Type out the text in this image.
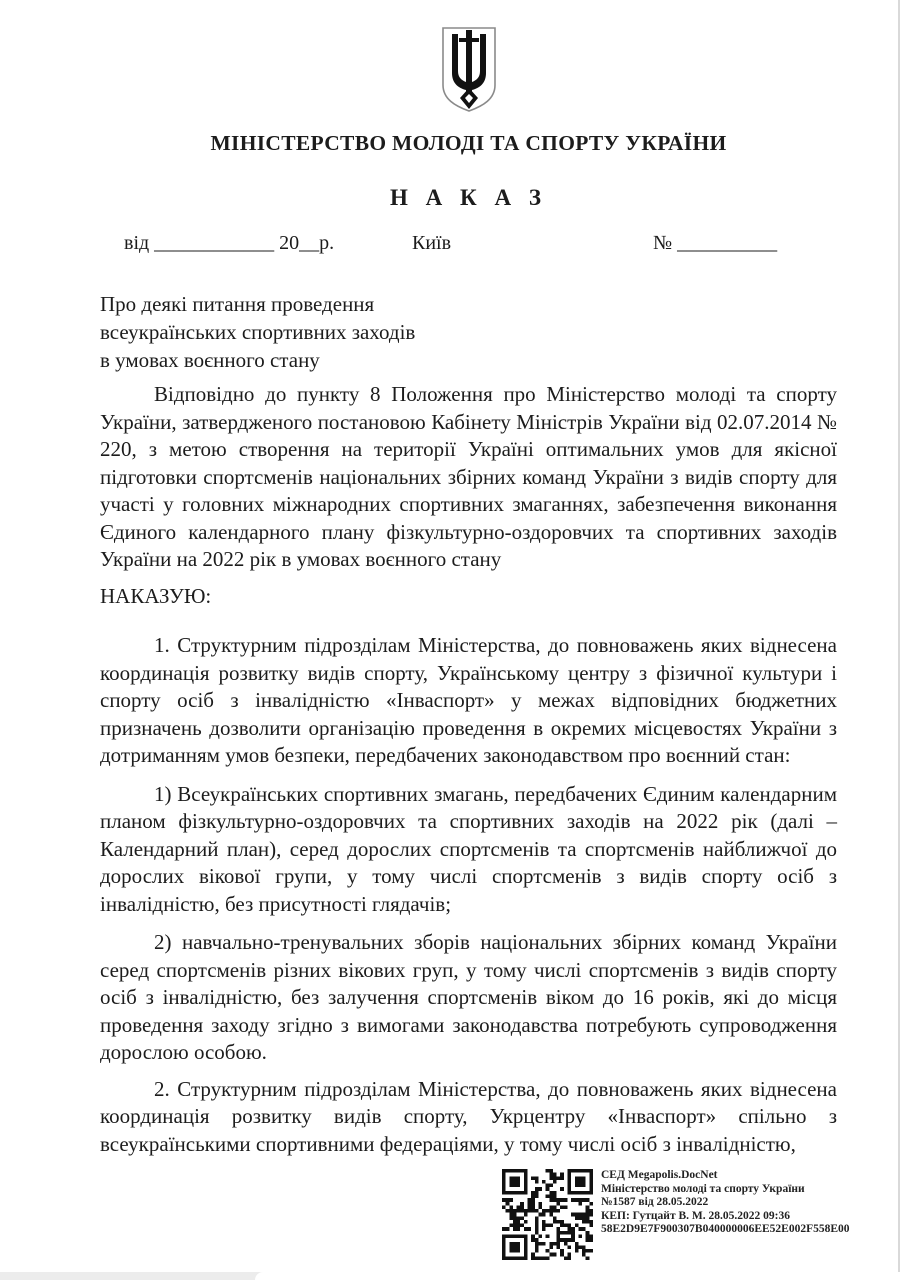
МІНІСТЕРСТВО МОЛОДІ ТА СПОРТУ УКРАЇНИ
Н А К А З
від ____________ 20__р.	Київ	№ __________
Про деякі питання проведення
всеукраїнських спортивних заходів
в умовах воєнного стану

Відповідно до пункту 8 Положення про Міністерство молоді та спорту України, затвердженого постановою Кабінету Міністрів України від 02.07.2014 № 220, з метою створення на території Україні оптимальних умов для якісної підготовки спортсменів національних збірних команд України з видів спорту для участі у головних міжнародних спортивних змаганнях, забезпечення виконання Єдиного календарного плану фізкультурно-оздоровчих та спортивних заходів України на 2022 рік в умовах воєнного стану

НАКАЗУЮ:

1. Структурним підрозділам Міністерства, до повноважень яких віднесена координація розвитку видів спорту, Українському центру з фізичної культури і спорту осіб з інвалідністю «Інваспорт» у межах відповідних бюджетних призначень дозволити організацію проведення в окремих місцевостях України з дотриманням умов безпеки, передбачених законодавством про воєнний стан:

1) Всеукраїнських спортивних змагань, передбачених Єдиним календарним планом фізкультурно-оздоровчих та спортивних заходів на 2022 рік (далі – Календарний план), серед дорослих спортсменів та спортсменів найближчої до дорослих вікової групи, у тому числі спортсменів з видів спорту осіб з інвалідністю, без присутності глядачів;

2) навчально-тренувальних зборів національних збірних команд України серед спортсменів різних вікових груп, у тому числі спортсменів з видів спорту осіб з інвалідністю, без залучення спортсменів віком до 16 років, які до місця проведення заходу згідно з вимогами законодавства потребують супроводження дорослою особою.

2. Структурним підрозділам Міністерства, до повноважень яких віднесена координація розвитку видів спорту, Укрцентру «Інваспорт» спільно з всеукраїнськими спортивними федераціями, у тому числі осіб з інвалідністю,

СЕД Megapolis.DocNet
Міністерство молоді та спорту України
№1587 від 28.05.2022
КЕП: Гутцайт В. М. 28.05.2022 09:36
58E2D9E7F900307B040000006EE52E002F558E00
